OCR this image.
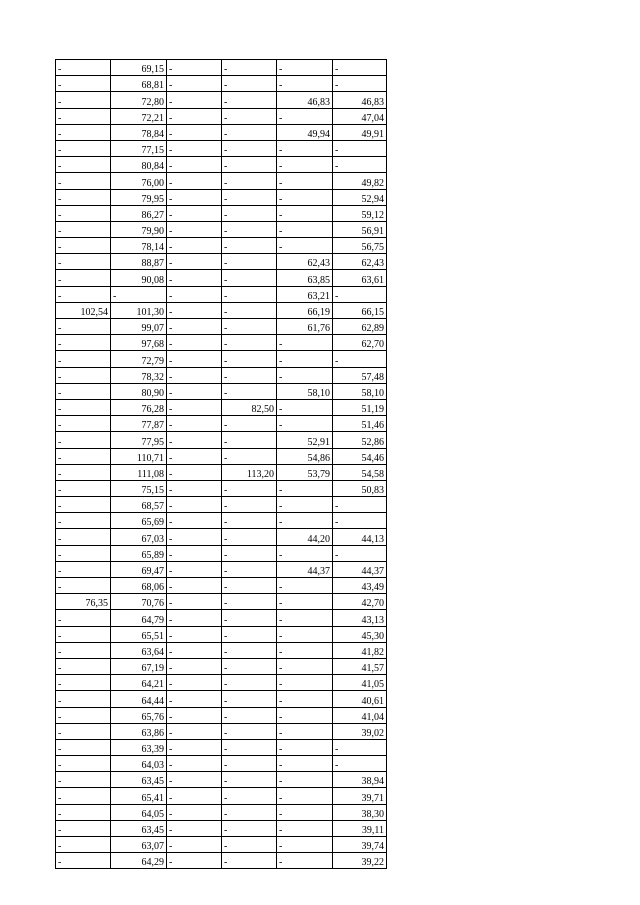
-	69,15	-	-	-	-
-	68,81	-	-	-	-
-	72,80	-	-	46,83	46,83
-	72,21	-	-	-	47,04
-	78,84	-	-	49,94	49,91
-	77,15	-	-	-	-
-	80,84	-	-	-	-
-	76,00	-	-	-	49,82
-	79,95	-	-	-	52,94
-	86,27	-	-	-	59,12
-	79,90	-	-	-	56,91
-	78,14	-	-	-	56,75
-	88,87	-	-	62,43	62,43
-	90,08	-	-	63,85	63,61
-	-	-	-	63,21	-
102,54	101,30	-	-	66,19	66,15
-	99,07	-	-	61,76	62,89
-	97,68	-	-	-	62,70
-	72,79	-	-	-	-
-	78,32	-	-	-	57,48
-	80,90	-	-	58,10	58,10
-	76,28	-	82,50	-	51,19
-	77,87	-	-	-	51,46
-	77,95	-	-	52,91	52,86
-	110,71	-	-	54,86	54,46
-	111,08	-	113,20	53,79	54,58
-	75,15	-	-	-	50,83
-	68,57	-	-	-	-
-	65,69	-	-	-	-
-	67,03	-	-	44,20	44,13
-	65,89	-	-	-	-
-	69,47	-	-	44,37	44,37
-	68,06	-	-	-	43,49
76,35	70,76	-	-	-	42,70
-	64,79	-	-	-	43,13
-	65,51	-	-	-	45,30
-	63,64	-	-	-	41,82
-	67,19	-	-	-	41,57
-	64,21	-	-	-	41,05
-	64,44	-	-	-	40,61
-	65,76	-	-	-	41,04
-	63,86	-	-	-	39,02
-	63,39	-	-	-	-
-	64,03	-	-	-	-
-	63,45	-	-	-	38,94
-	65,41	-	-	-	39,71
-	64,05	-	-	-	38,30
-	63,45	-	-	-	39,11
-	63,07	-	-	-	39,74
-	64,29	-	-	-	39,22
